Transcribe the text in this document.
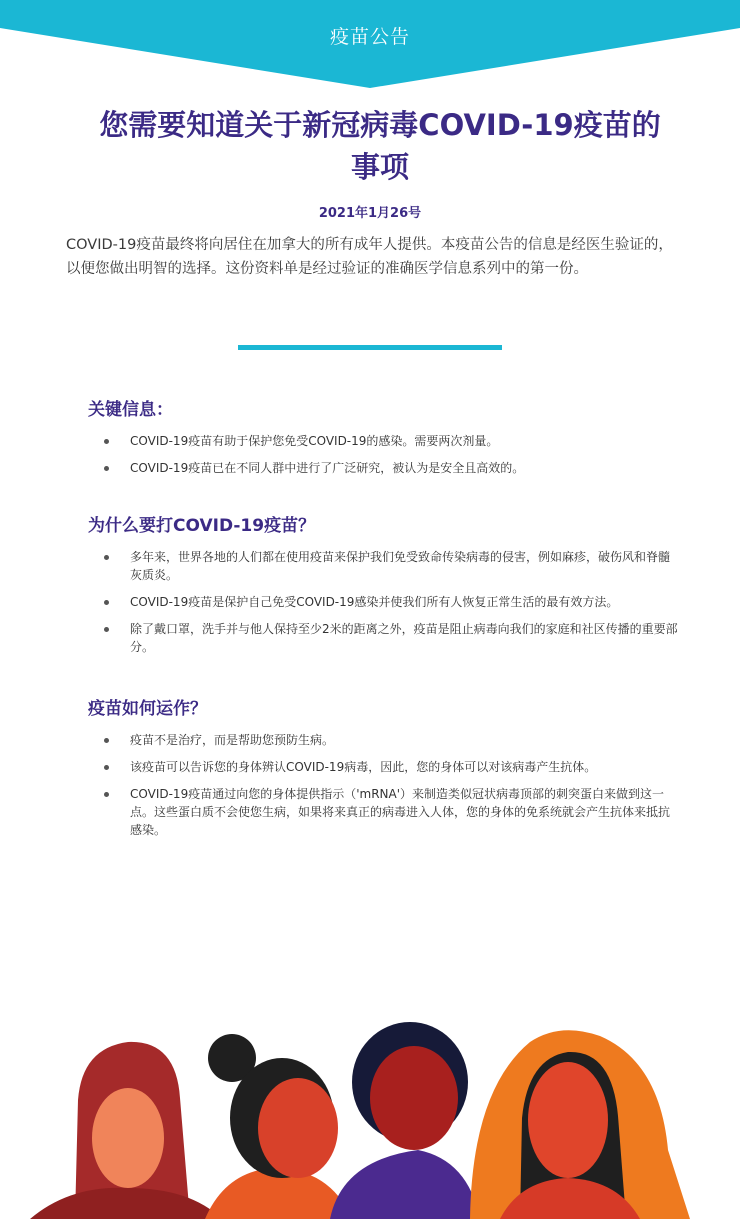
疫苗公告
您需要知道关于新冠病毒COVID-19疫苗的事项
2021年1月26号

COVID-19疫苗最终将向居住在加拿大的所有成年人提供。本疫苗公告的信息是经医生验证的，以便您做出明智的选择。这份资料单是经过验证的准确医学信息系列中的第一份。

关键信息：
COVID-19疫苗有助于保护您免受COVID-19的感染。需要两次剂量。
COVID-19疫苗已在不同人群中进行了广泛研究，被认为是安全且高效的。
为什么要打COVID-19疫苗？
多年来，世界各地的人们都在使用疫苗来保护我们免受致命传染病毒的侵害，例如麻疹，破伤风和脊髓灰质炎。
COVID-19疫苗是保护自己免受COVID-19感染并使我们所有人恢复正常生活的最有效方法。
除了戴口罩，洗手并与他人保持至少2米的距离之外，疫苗是阻止病毒向我们的家庭和社区传播的重要部分。
疫苗如何运作？
疫苗不是治疗，而是帮助您预防生病。
该疫苗可以告诉您的身体辨认COVID-19病毒，因此，您的身体可以对该病毒产生抗体。
COVID-19疫苗通过向您的身体提供指示（'mRNA'）来制造类似冠状病毒顶部的刺突蛋白来做到这一点。这些蛋白质不会使您生病，如果将来真正的病毒进入人体，您的身体的免系统就会产生抗体来抵抗感染。
